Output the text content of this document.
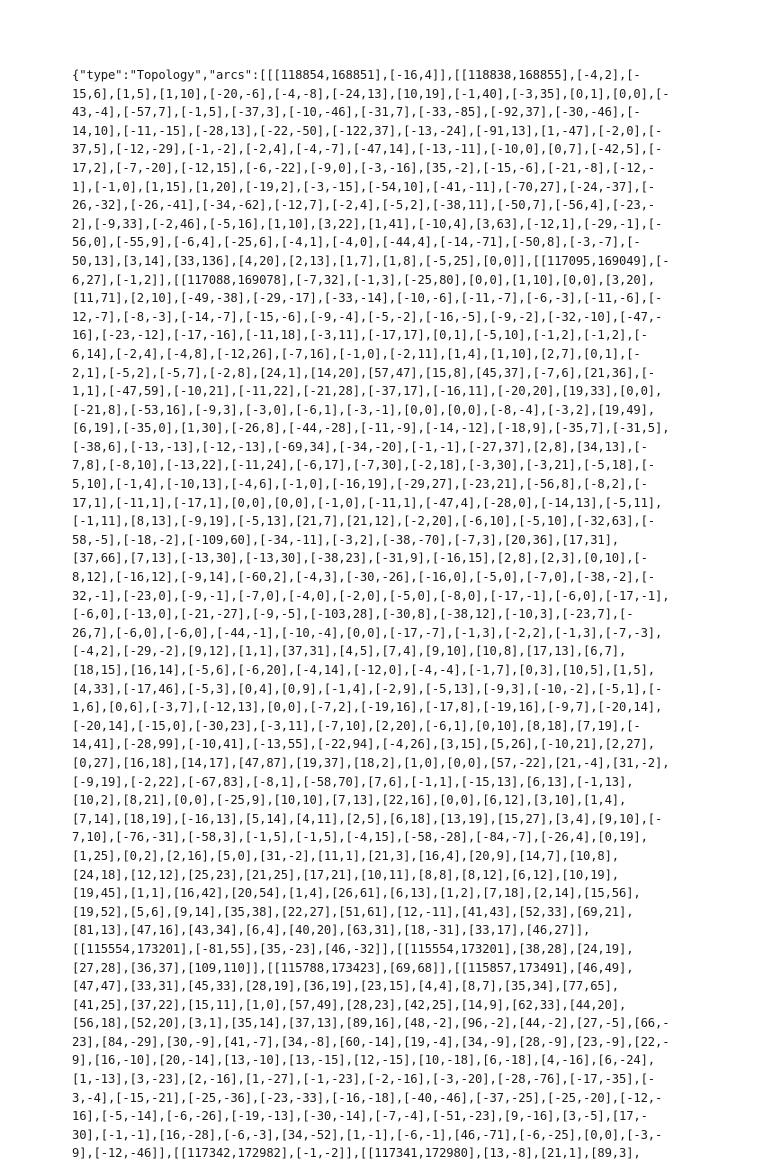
{"type":"Topology","arcs":[[[118854,168851],[-16,4]],[[118838,168855],[-4,2],[-
15,6],[1,5],[1,10],[-20,-6],[-4,-8],[-24,13],[10,19],[-1,40],[-3,35],[0,1],[0,0],[-
43,-4],[-57,7],[-1,5],[-37,3],[-10,-46],[-31,7],[-33,-85],[-92,37],[-30,-46],[-
14,10],[-11,-15],[-28,13],[-22,-50],[-122,37],[-13,-24],[-91,13],[1,-47],[-2,0],[-
37,5],[-12,-29],[-1,-2],[-2,4],[-4,-7],[-47,14],[-13,-11],[-10,0],[0,7],[-42,5],[-
17,2],[-7,-20],[-12,15],[-6,-22],[-9,0],[-3,-16],[35,-2],[-15,-6],[-21,-8],[-12,-
1],[-1,0],[1,15],[1,20],[-19,2],[-3,-15],[-54,10],[-41,-11],[-70,27],[-24,-37],[-
26,-32],[-26,-41],[-34,-62],[-12,7],[-2,4],[-5,2],[-38,11],[-50,7],[-56,4],[-23,-
2],[-9,33],[-2,46],[-5,16],[1,10],[3,22],[1,41],[-10,4],[3,63],[-12,1],[-29,-1],[-
56,0],[-55,9],[-6,4],[-25,6],[-4,1],[-4,0],[-44,4],[-14,-71],[-50,8],[-3,-7],[-
50,13],[3,14],[33,136],[4,20],[2,13],[1,7],[1,8],[-5,25],[0,0]],[[117095,169049],[-
6,27],[-1,2]],[[117088,169078],[-7,32],[-1,3],[-25,80],[0,0],[1,10],[0,0],[3,20],
[11,71],[2,10],[-49,-38],[-29,-17],[-33,-14],[-10,-6],[-11,-7],[-6,-3],[-11,-6],[-
12,-7],[-8,-3],[-14,-7],[-15,-6],[-9,-4],[-5,-2],[-16,-5],[-9,-2],[-32,-10],[-47,-
16],[-23,-12],[-17,-16],[-11,18],[-3,11],[-17,17],[0,1],[-5,10],[-1,2],[-1,2],[-
6,14],[-2,4],[-4,8],[-12,26],[-7,16],[-1,0],[-2,11],[1,4],[1,10],[2,7],[0,1],[-
2,1],[-5,2],[-5,7],[-2,8],[24,1],[14,20],[57,47],[15,8],[45,37],[-7,6],[21,36],[-
1,1],[-47,59],[-10,21],[-11,22],[-21,28],[-37,17],[-16,11],[-20,20],[19,33],[0,0],
[-21,8],[-53,16],[-9,3],[-3,0],[-6,1],[-3,-1],[0,0],[0,0],[-8,-4],[-3,2],[19,49],
[6,19],[-35,0],[1,30],[-26,8],[-44,-28],[-11,-9],[-14,-12],[-18,9],[-35,7],[-31,5],
[-38,6],[-13,-13],[-12,-13],[-69,34],[-34,-20],[-1,-1],[-27,37],[2,8],[34,13],[-
7,8],[-8,10],[-13,22],[-11,24],[-6,17],[-7,30],[-2,18],[-3,30],[-3,21],[-5,18],[-
5,10],[-1,4],[-10,13],[-4,6],[-1,0],[-16,19],[-29,27],[-23,21],[-56,8],[-8,2],[-
17,1],[-11,1],[-17,1],[0,0],[0,0],[-1,0],[-11,1],[-47,4],[-28,0],[-14,13],[-5,11],
[-1,11],[8,13],[-9,19],[-5,13],[21,7],[21,12],[-2,20],[-6,10],[-5,10],[-32,63],[-
58,-5],[-18,-2],[-109,60],[-34,-11],[-3,2],[-38,-70],[-7,3],[20,36],[17,31],
[37,66],[7,13],[-13,30],[-13,30],[-38,23],[-31,9],[-16,15],[2,8],[2,3],[0,10],[-
8,12],[-16,12],[-9,14],[-60,2],[-4,3],[-30,-26],[-16,0],[-5,0],[-7,0],[-38,-2],[-
32,-1],[-23,0],[-9,-1],[-7,0],[-4,0],[-2,0],[-5,0],[-8,0],[-17,-1],[-6,0],[-17,-1],
[-6,0],[-13,0],[-21,-27],[-9,-5],[-103,28],[-30,8],[-38,12],[-10,3],[-23,7],[-
26,7],[-6,0],[-6,0],[-44,-1],[-10,-4],[0,0],[-17,-7],[-1,3],[-2,2],[-1,3],[-7,-3],
[-4,2],[-29,-2],[9,12],[1,1],[37,31],[4,5],[7,4],[9,10],[10,8],[17,13],[6,7],
[18,15],[16,14],[-5,6],[-6,20],[-4,14],[-12,0],[-4,-4],[-1,7],[0,3],[10,5],[1,5],
[4,33],[-17,46],[-5,3],[0,4],[0,9],[-1,4],[-2,9],[-5,13],[-9,3],[-10,-2],[-5,1],[-
1,6],[0,6],[-3,7],[-12,13],[0,0],[-7,2],[-19,16],[-17,8],[-19,16],[-9,7],[-20,14],
[-20,14],[-15,0],[-30,23],[-3,11],[-7,10],[2,20],[-6,1],[0,10],[8,18],[7,19],[-
14,41],[-28,99],[-10,41],[-13,55],[-22,94],[-4,26],[3,15],[5,26],[-10,21],[2,27],
[0,27],[16,18],[14,17],[47,87],[19,37],[18,2],[1,0],[0,0],[57,-22],[21,-4],[31,-2],
[-9,19],[-2,22],[-67,83],[-8,1],[-58,70],[7,6],[-1,1],[-15,13],[6,13],[-1,13],
[10,2],[8,21],[0,0],[-25,9],[10,10],[7,13],[22,16],[0,0],[6,12],[3,10],[1,4],
[7,14],[18,19],[-16,13],[5,14],[4,11],[2,5],[6,18],[13,19],[15,27],[3,4],[9,10],[-
7,10],[-76,-31],[-58,3],[-1,5],[-1,5],[-4,15],[-58,-28],[-84,-7],[-26,4],[0,19],
[1,25],[0,2],[2,16],[5,0],[31,-2],[11,1],[21,3],[16,4],[20,9],[14,7],[10,8],
[24,18],[12,12],[25,23],[21,25],[17,21],[10,11],[8,8],[8,12],[6,12],[10,19],
[19,45],[1,1],[16,42],[20,54],[1,4],[26,61],[6,13],[1,2],[7,18],[2,14],[15,56],
[19,52],[5,6],[9,14],[35,38],[22,27],[51,61],[12,-11],[41,43],[52,33],[69,21],
[81,13],[47,16],[43,34],[6,4],[40,20],[63,31],[18,-31],[33,17],[46,27]],
[[115554,173201],[-81,55],[35,-23],[46,-32]],[[115554,173201],[38,28],[24,19],
[27,28],[36,37],[109,110]],[[115788,173423],[69,68]],[[115857,173491],[46,49],
[47,47],[33,31],[45,33],[28,19],[36,19],[23,15],[4,4],[8,7],[35,34],[77,65],
[41,25],[37,22],[15,11],[1,0],[57,49],[28,23],[42,25],[14,9],[62,33],[44,20],
[56,18],[52,20],[3,1],[35,14],[37,13],[89,16],[48,-2],[96,-2],[44,-2],[27,-5],[66,-
23],[84,-29],[30,-9],[41,-7],[34,-8],[60,-14],[19,-4],[34,-9],[28,-9],[23,-9],[22,-
9],[16,-10],[20,-14],[13,-10],[13,-15],[12,-15],[10,-18],[6,-18],[4,-16],[6,-24],
[1,-13],[3,-23],[2,-16],[1,-27],[-1,-23],[-2,-16],[-3,-20],[-28,-76],[-17,-35],[-
3,-4],[-15,-21],[-25,-36],[-23,-33],[-16,-18],[-40,-46],[-37,-25],[-25,-20],[-12,-
16],[-5,-14],[-6,-26],[-19,-13],[-30,-14],[-7,-4],[-51,-23],[9,-16],[3,-5],[17,-
30],[-1,-1],[16,-28],[-6,-3],[34,-52],[1,-1],[-6,-1],[46,-71],[-6,-25],[0,0],[-3,-
9],[-12,-46]],[[117342,172982],[-1,-2]],[[117341,172980],[13,-8],[21,1],[89,3],
